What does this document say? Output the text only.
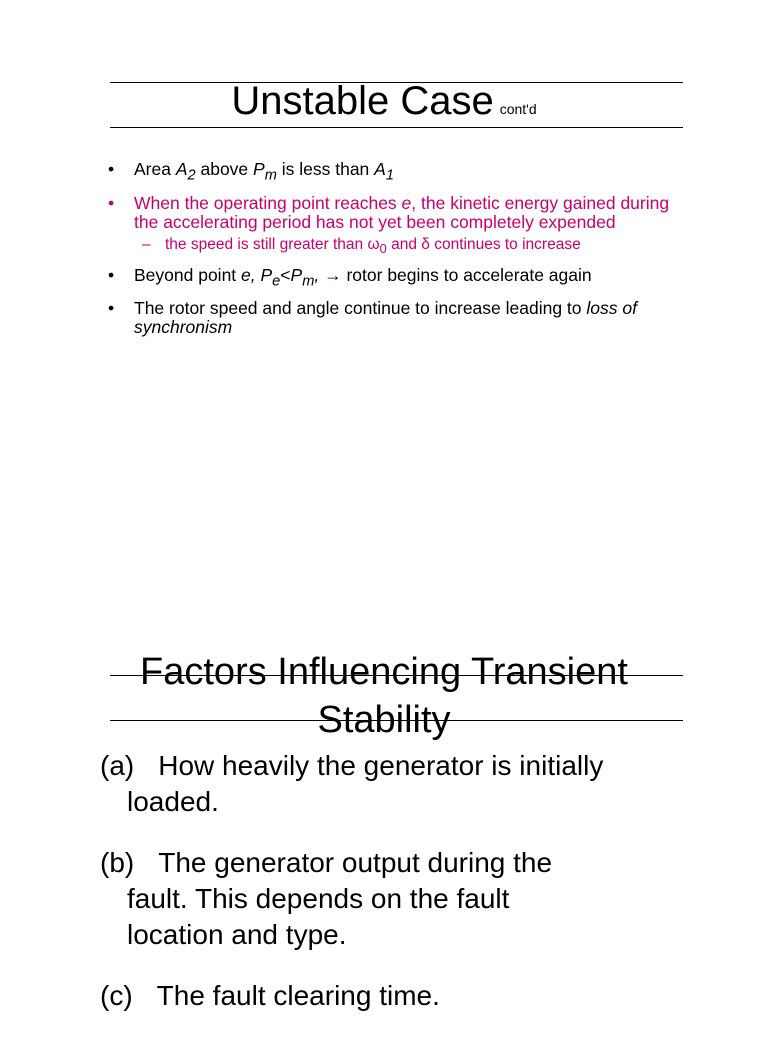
Unstable Case cont'd
• Area $A_2$ above $P_m$ is less than $A_1$
• When the operating point reaches e, the kinetic energy gained during the accelerating period has not yet been completely expended
– the speed is still greater than $\omega_0$ and δ continues to increase
• Beyond point e, $P_e<P_m$, → rotor begins to accelerate again
• The rotor speed and angle continue to increase leading to loss of synchronism
Factors Influencing Transient
Stability
(a) How heavily the generator is initially
loaded.
(b) The generator output during the
fault. This depends on the fault
location and type.
(c) The fault clearing time.
